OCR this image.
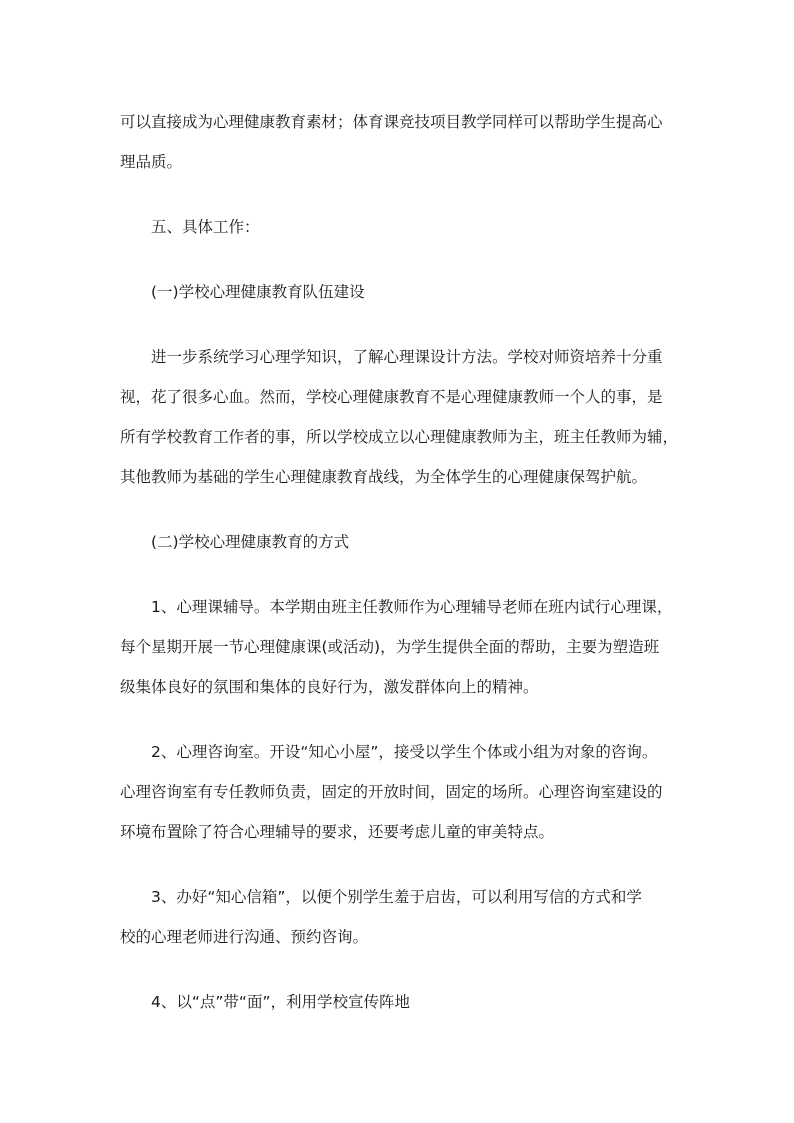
可以直接成为心理健康教育素材；体育课竞技项目教学同样可以帮助学生提高心
理品质。
五、具体工作：
(一)学校心理健康教育队伍建设
进一步系统学习心理学知识，了解心理课设计方法。学校对师资培养十分重
视，花了很多心血。然而，学校心理健康教育不是心理健康教师一个人的事，是
所有学校教育工作者的事，所以学校成立以心理健康教师为主，班主任教师为辅，
其他教师为基础的学生心理健康教育战线，为全体学生的心理健康保驾护航。
(二)学校心理健康教育的方式
1、心理课辅导。本学期由班主任教师作为心理辅导老师在班内试行心理课，
每个星期开展一节心理健康课(或活动)，为学生提供全面的帮助，主要为塑造班
级集体良好的氛围和集体的良好行为，激发群体向上的精神。
2、心理咨询室。开设“知心小屋”，接受以学生个体或小组为对象的咨询。
心理咨询室有专任教师负责，固定的开放时间，固定的场所。心理咨询室建设的
环境布置除了符合心理辅导的要求，还要考虑儿童的审美特点。
3、办好“知心信箱”，以便个别学生羞于启齿，可以利用写信的方式和学
校的心理老师进行沟通、预约咨询。
4、以“点”带“面”，利用学校宣传阵地
